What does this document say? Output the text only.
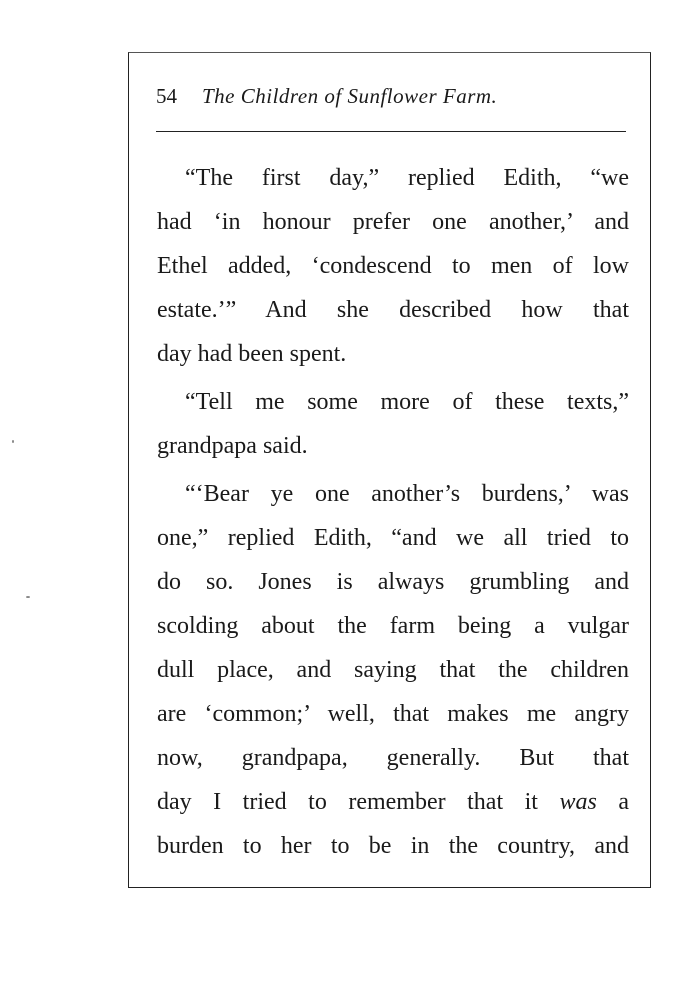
54 The Children of Sunflower Farm.
“The first day,” replied Edith, “we
had ‘in honour prefer one another,’ and
Ethel added, ‘condescend to men of low
estate.’” And she described how that
day had been spent.
“Tell me some more of these texts,”
grandpapa said.
“‘Bear ye one another’s burdens,’ was
one,” replied Edith, “and we all tried to
do so. Jones is always grumbling and
scolding about the farm being a vulgar
dull place, and saying that the children
are ‘common;’ well, that makes me angry
now, grandpapa, generally. But that
day I tried to remember that it was a
burden to her to be in the country, and
